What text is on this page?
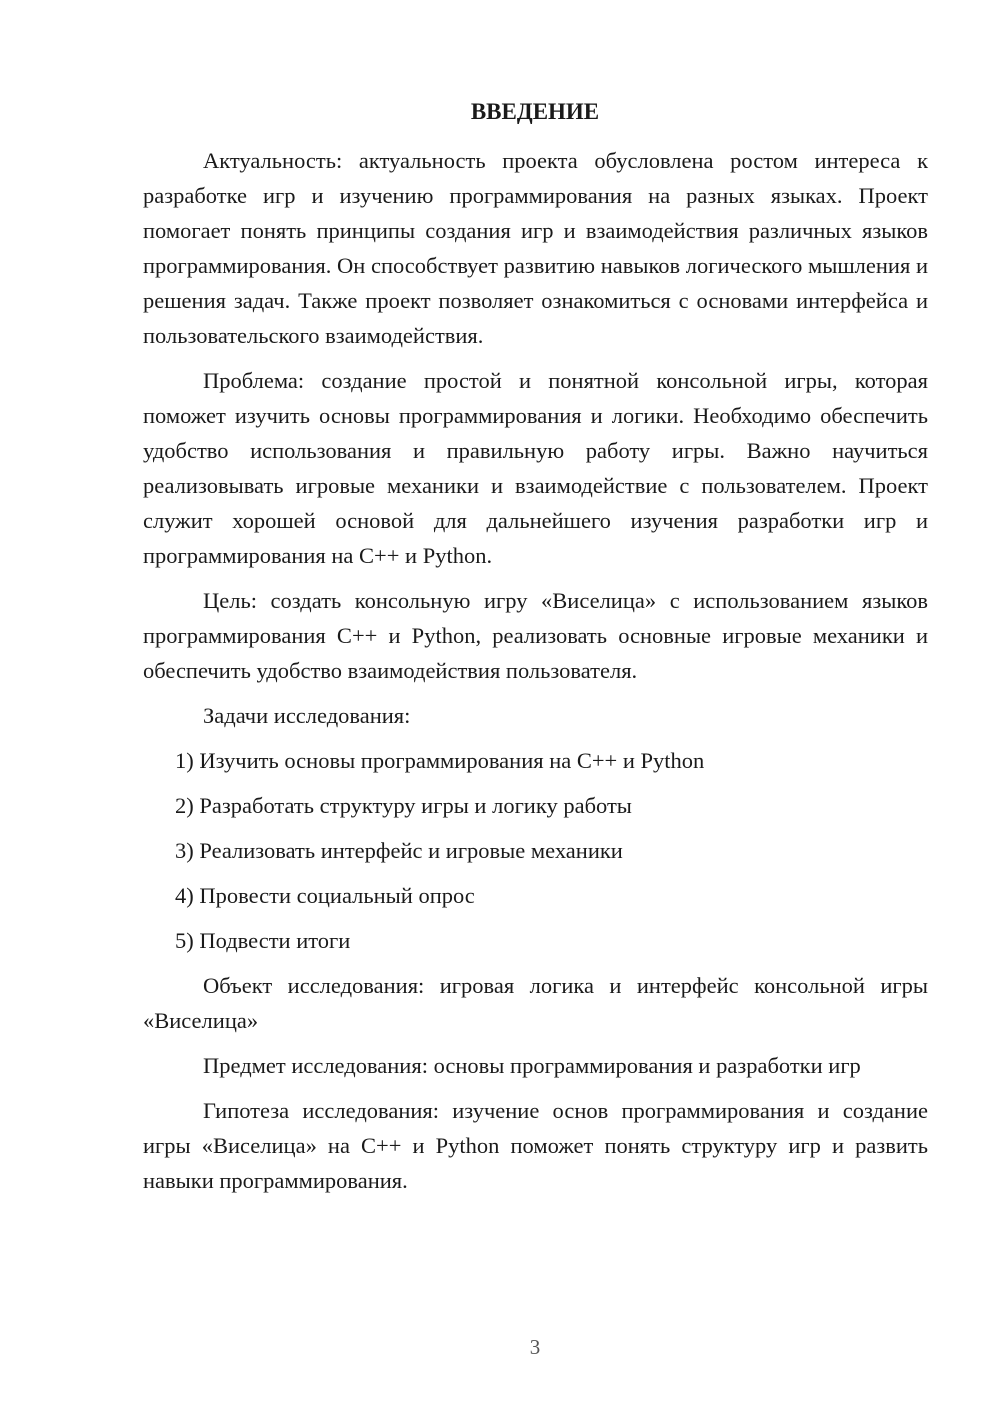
ВВЕДЕНИЕ

Актуальность: актуальность проекта обусловлена ростом интереса к разработке игр и изучению программирования на разных языках. Проект помогает понять принципы создания игр и взаимодействия различных языков программирования. Он способствует развитию навыков логического мышления и решения задач. Также проект позволяет ознакомиться с основами интерфейса и пользовательского взаимодействия.

Проблема: создание простой и понятной консольной игры, которая поможет изучить основы программирования и логики. Необходимо обеспечить удобство использования и правильную работу игры. Важно научиться реализовывать игровые механики и взаимодействие с пользователем. Проект служит хорошей основой для дальнейшего изучения разработки игр и программирования на C++ и Python.

Цель: создать консольную игру «Виселица» с использованием языков программирования C++ и Python, реализовать основные игровые механики и обеспечить удобство взаимодействия пользователя.

Задачи исследования:

1) Изучить основы программирования на C++ и Python
2) Разработать структуру игры и логику работы
3) Реализовать интерфейс и игровые механики
4) Провести социальный опрос
5) Подвести итоги

Объект исследования: игровая логика и интерфейс консольной игры «Виселица»

Предмет исследования: основы программирования и разработки игр

Гипотеза исследования: изучение основ программирования и создание игры «Виселица» на C++ и Python поможет понять структуру игр и развить навыки программирования.

3
